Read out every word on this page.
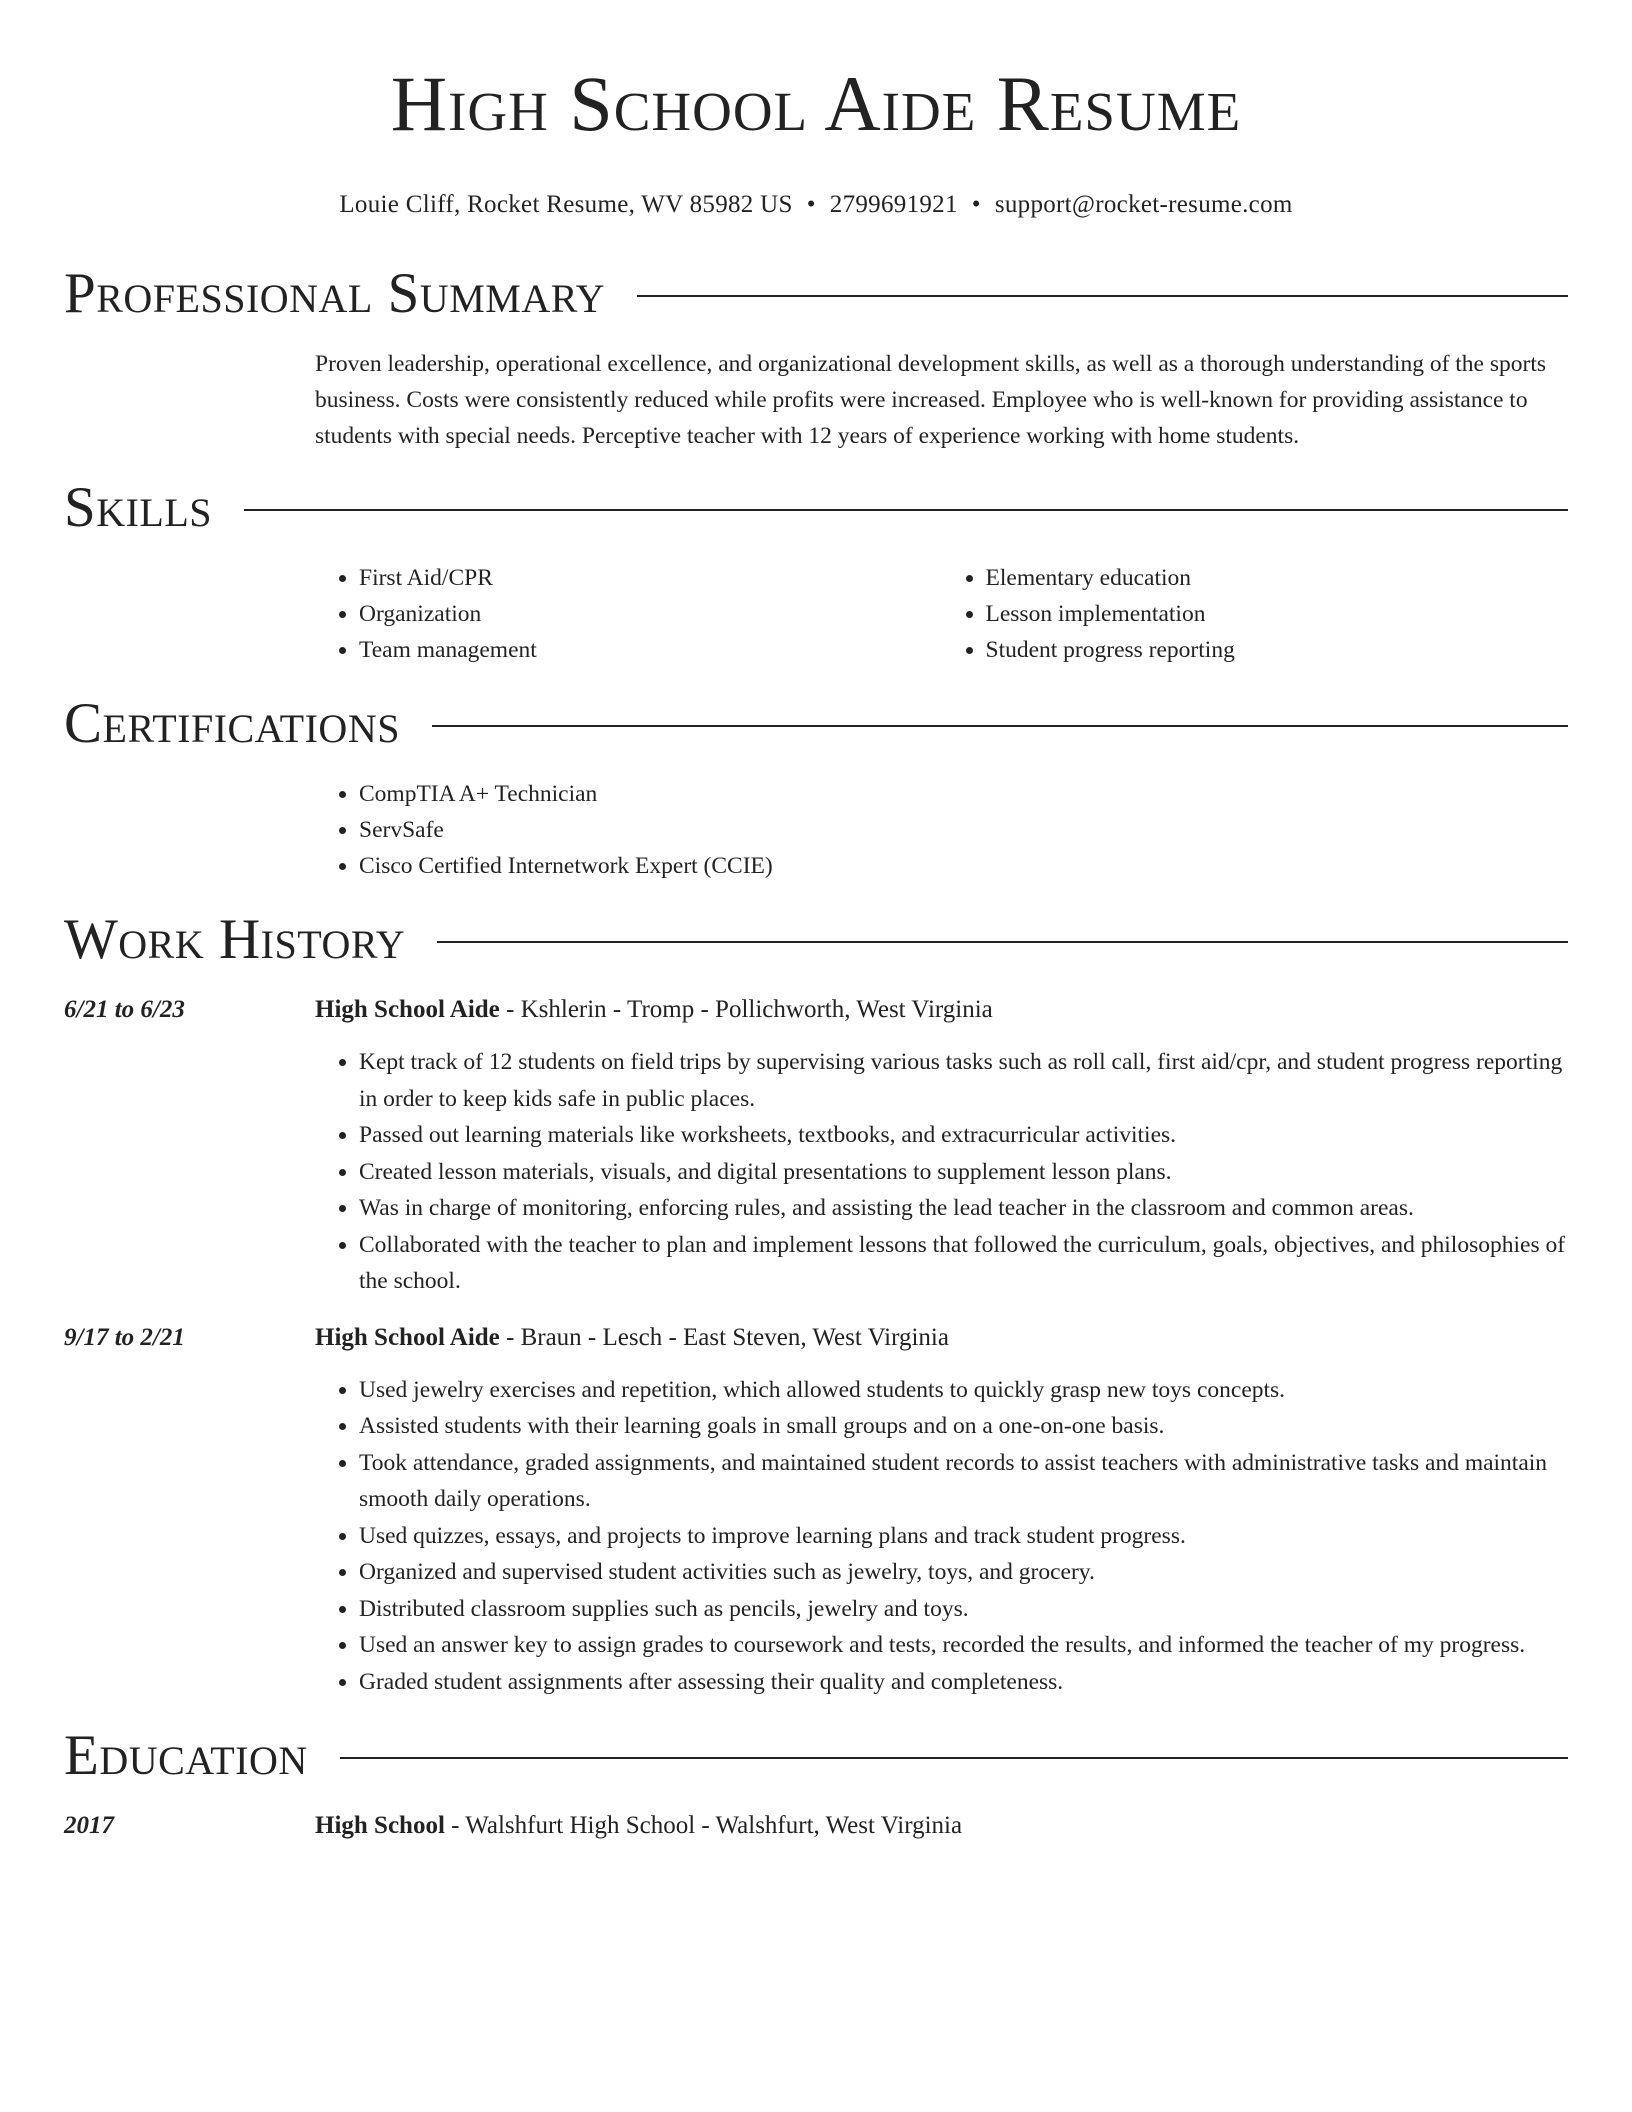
High School Aide Resume
Louie Cliff, Rocket Resume, WV 85982 US • 2799691921 • support@rocket-resume.com
Professional Summary
Proven leadership, operational excellence, and organizational development skills, as well as a thorough understanding of the sports business. Costs were consistently reduced while profits were increased. Employee who is well-known for providing assistance to students with special needs. Perceptive teacher with 12 years of experience working with home students.
Skills
• First Aid/CPR
• Organization
• Team management
• Elementary education
• Lesson implementation
• Student progress reporting
Certifications
• CompTIA A+ Technician
• ServSafe
• Cisco Certified Internetwork Expert (CCIE)
Work History
6/21 to 6/23	High School Aide - Kshlerin - Tromp - Pollichworth, West Virginia
• Kept track of 12 students on field trips by supervising various tasks such as roll call, first aid/cpr, and student progress reporting in order to keep kids safe in public places.
• Passed out learning materials like worksheets, textbooks, and extracurricular activities.
• Created lesson materials, visuals, and digital presentations to supplement lesson plans.
• Was in charge of monitoring, enforcing rules, and assisting the lead teacher in the classroom and common areas.
• Collaborated with the teacher to plan and implement lessons that followed the curriculum, goals, objectives, and philosophies of the school.
9/17 to 2/21	High School Aide - Braun - Lesch - East Steven, West Virginia
• Used jewelry exercises and repetition, which allowed students to quickly grasp new toys concepts.
• Assisted students with their learning goals in small groups and on a one-on-one basis.
• Took attendance, graded assignments, and maintained student records to assist teachers with administrative tasks and maintain smooth daily operations.
• Used quizzes, essays, and projects to improve learning plans and track student progress.
• Organized and supervised student activities such as jewelry, toys, and grocery.
• Distributed classroom supplies such as pencils, jewelry and toys.
• Used an answer key to assign grades to coursework and tests, recorded the results, and informed the teacher of my progress.
• Graded student assignments after assessing their quality and completeness.
Education
2017	High School - Walshfurt High School - Walshfurt, West Virginia
